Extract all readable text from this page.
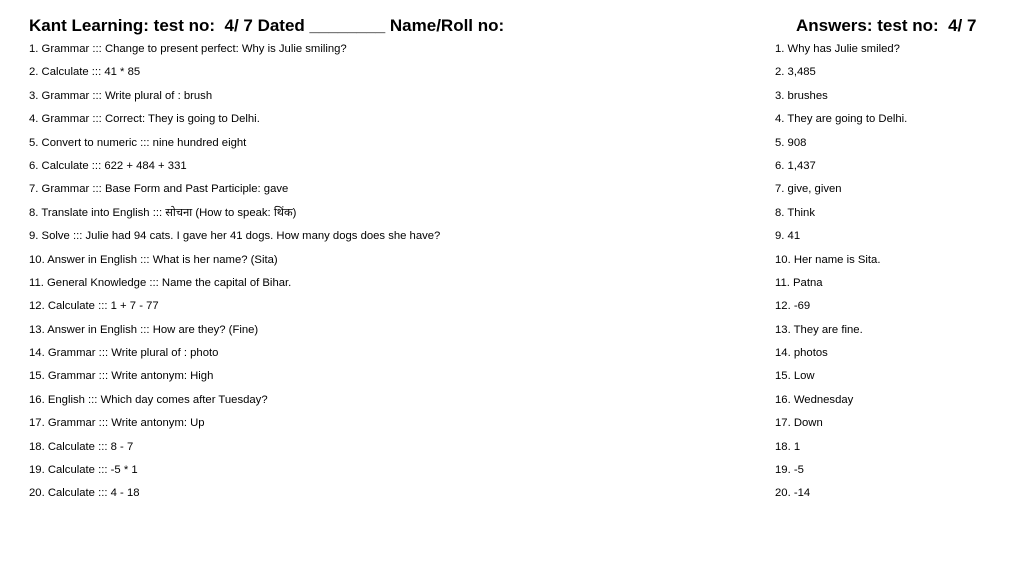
Kant Learning: test no:  4/ 7 Dated ________ Name/Roll no:	Answers: test no:  4/ 7
1. Grammar ::: Change to present perfect: Why is Julie smiling?
2. Calculate ::: 41 * 85
3. Grammar ::: Write plural of : brush
4. Grammar ::: Correct: They is going to Delhi.
5. Convert to numeric ::: nine hundred eight
6. Calculate ::: 622 + 484 + 331
7. Grammar ::: Base Form and Past Participle: gave
8. Translate into English ::: सोचना (How to speak: थिंक)
9. Solve ::: Julie had 94 cats. I gave her 41 dogs. How many dogs does she have?
10. Answer in English ::: What is her name? (Sita)
11. General Knowledge ::: Name the capital of Bihar.
12. Calculate ::: 1 + 7 - 77
13. Answer in English ::: How are they? (Fine)
14. Grammar ::: Write plural of : photo
15. Grammar ::: Write antonym: High
16. English ::: Which day comes after Tuesday?
17. Grammar ::: Write antonym: Up
18. Calculate ::: 8 - 7
19. Calculate ::: -5 * 1
20. Calculate ::: 4 - 18
1. Why has Julie smiled?
2. 3,485
3. brushes
4. They are going to Delhi.
5. 908
6. 1,437
7. give, given
8. Think
9. 41
10. Her name is Sita.
11. Patna
12. -69
13. They are fine.
14. photos
15. Low
16. Wednesday
17. Down
18. 1
19. -5
20. -14
